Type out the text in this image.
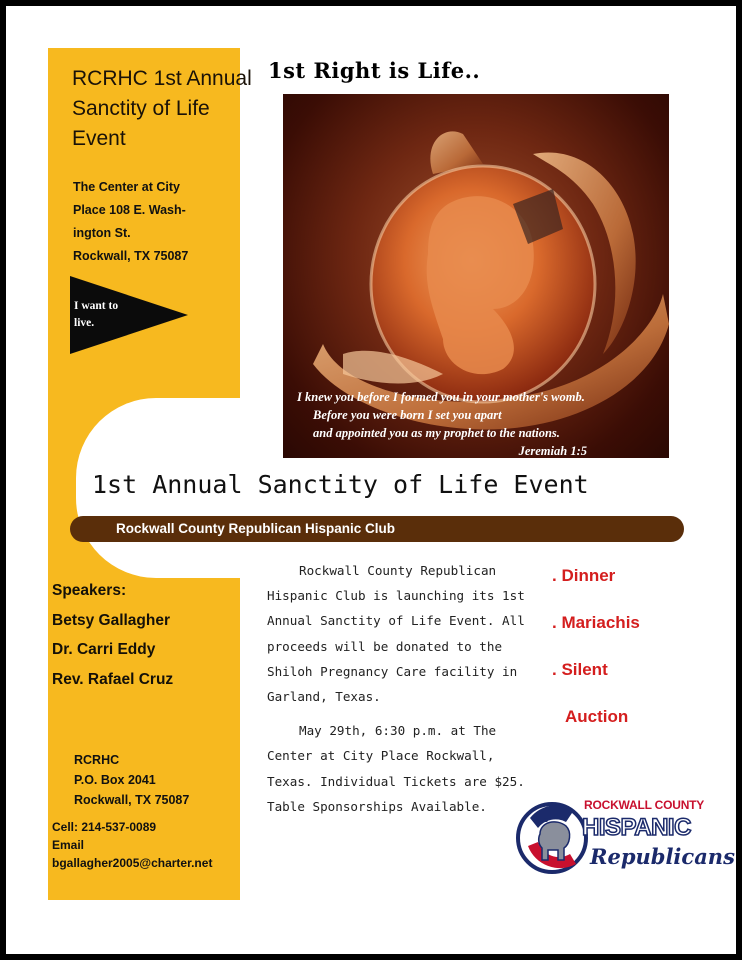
RCRHC 1st Annual Sanctity of Life Event
The Center at City
Place 108 E. Wash-
ington St.
Rockwall, TX 75087
I want to
live.
1st Right is Life..
I knew you before I formed you in your mother's womb.
Before you were born I set you apart
and appointed you as my prophet to the nations.
Jeremiah 1:5
1st Annual Sanctity of Life Event
Rockwall County Republican Hispanic Club
Speakers:
Betsy Gallagher
Dr. Carri Eddy
Rev. Rafael Cruz
RCRHC
P.O. Box 2041
Rockwall, TX 75087
Cell: 214-537-0089
Email
bgallagher2005@charter.net

Rockwall County Republican Hispanic Club is launching its 1st Annual Sanctity of Life Event. All proceeds will be donated to the Shiloh Pregnancy Care facility in Garland, Texas.

May 29th, 6:30 p.m. at The Center at City Place Rockwall, Texas. Individual Tickets are $25. Table Sponsorships Available.

. Dinner
. Mariachis
. Silent
Auction
ROCKWALL COUNTY
HISPANIC
Republicans
